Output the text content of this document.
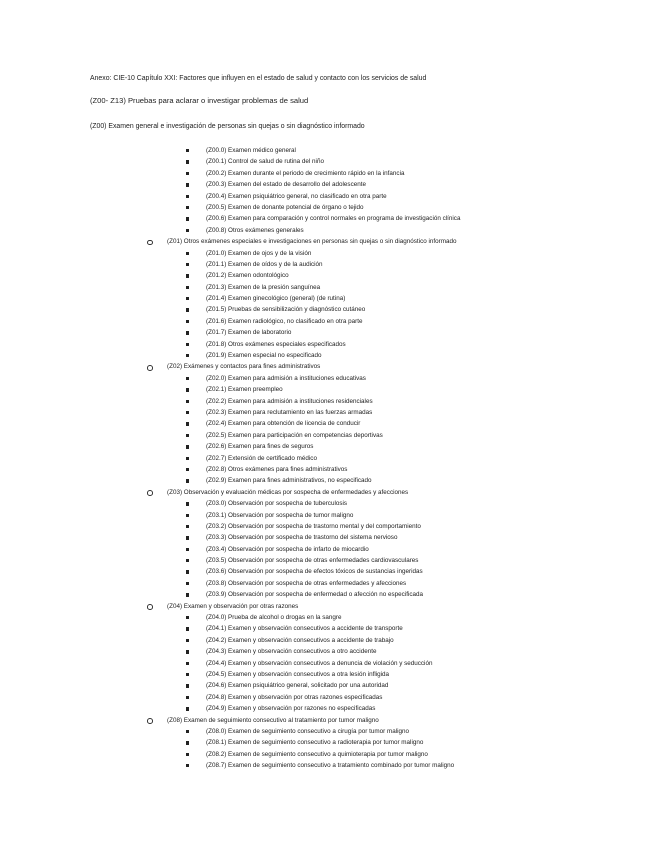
Anexo: CIE-10 Capítulo XXI: Factores que influyen en el estado de salud y contacto con los servicios de salud
(Z00- Z13) Pruebas para aclarar o investigar problemas de salud
(Z00) Examen general e investigación de personas sin quejas o sin diagnóstico informado
(Z00.0) Examen médico general
(Z00.1) Control de salud de rutina del niño
(Z00.2) Examen durante el periodo de crecimiento rápido en la infancia
(Z00.3) Examen del estado de desarrollo del adolescente
(Z00.4) Examen psiquiátrico general, no clasificado en otra parte
(Z00.5) Examen de donante potencial de órgano o tejido
(Z00.6) Examen para comparación y control normales en programa de investigación clínica
(Z00.8) Otros exámenes generales
(Z01) Otros exámenes especiales e investigaciones en personas sin quejas o sin diagnóstico informado
(Z01.0) Examen de ojos y de la visión
(Z01.1) Examen de oídos y de la audición
(Z01.2) Examen odontológico
(Z01.3) Examen de la presión sanguínea
(Z01.4) Examen ginecológico (general) (de rutina)
(Z01.5) Pruebas de sensibilización y diagnóstico cutáneo
(Z01.6) Examen radiológico, no clasificado en otra parte
(Z01.7) Examen de laboratorio
(Z01.8) Otros exámenes especiales especificados
(Z01.9) Examen especial no especificado
(Z02) Exámenes y contactos para fines administrativos
(Z02.0) Examen para admisión a instituciones educativas
(Z02.1) Examen preempleo
(Z02.2) Examen para admisión a instituciones residenciales
(Z02.3) Examen para reclutamiento en las fuerzas armadas
(Z02.4) Examen para obtención de licencia de conducir
(Z02.5) Examen para participación en competencias deportivas
(Z02.6) Examen para fines de seguros
(Z02.7) Extensión de certificado médico
(Z02.8) Otros exámenes para fines administrativos
(Z02.9) Examen para fines administrativos, no especificado
(Z03) Observación y evaluación médicas por sospecha de enfermedades y afecciones
(Z03.0) Observación por sospecha de tuberculosis
(Z03.1) Observación por sospecha de tumor maligno
(Z03.2) Observación por sospecha de trastorno mental y del comportamiento
(Z03.3) Observación por sospecha de trastorno del sistema nervioso
(Z03.4) Observación por sospecha de infarto de miocardio
(Z03.5) Observación por sospecha de otras enfermedades cardiovasculares
(Z03.6) Observación por sospecha de efectos tóxicos de sustancias ingeridas
(Z03.8) Observación por sospecha de otras enfermedades y afecciones
(Z03.9) Observación por sospecha de enfermedad o afección no especificada
(Z04) Examen y observación por otras razones
(Z04.0) Prueba de alcohol o drogas en la sangre
(Z04.1) Examen y observación consecutivos a accidente de transporte
(Z04.2) Examen y observación consecutivos a accidente de trabajo
(Z04.3) Examen y observación consecutivos a otro accidente
(Z04.4) Examen y observación consecutivos a denuncia de violación y seducción
(Z04.5) Examen y observación consecutivos a otra lesión infligida
(Z04.6) Examen psiquiátrico general, solicitado por una autoridad
(Z04.8) Examen y observación por otras razones especificadas
(Z04.9) Examen y observación por razones no especificadas
(Z08) Examen de seguimiento consecutivo al tratamiento por tumor maligno
(Z08.0) Examen de seguimiento consecutivo a cirugía por tumor maligno
(Z08.1) Examen de seguimiento consecutivo a radioterapia por tumor maligno
(Z08.2) Examen de seguimiento consecutivo a quimioterapia por tumor maligno
(Z08.7) Examen de seguimiento consecutivo a tratamiento combinado por tumor maligno
